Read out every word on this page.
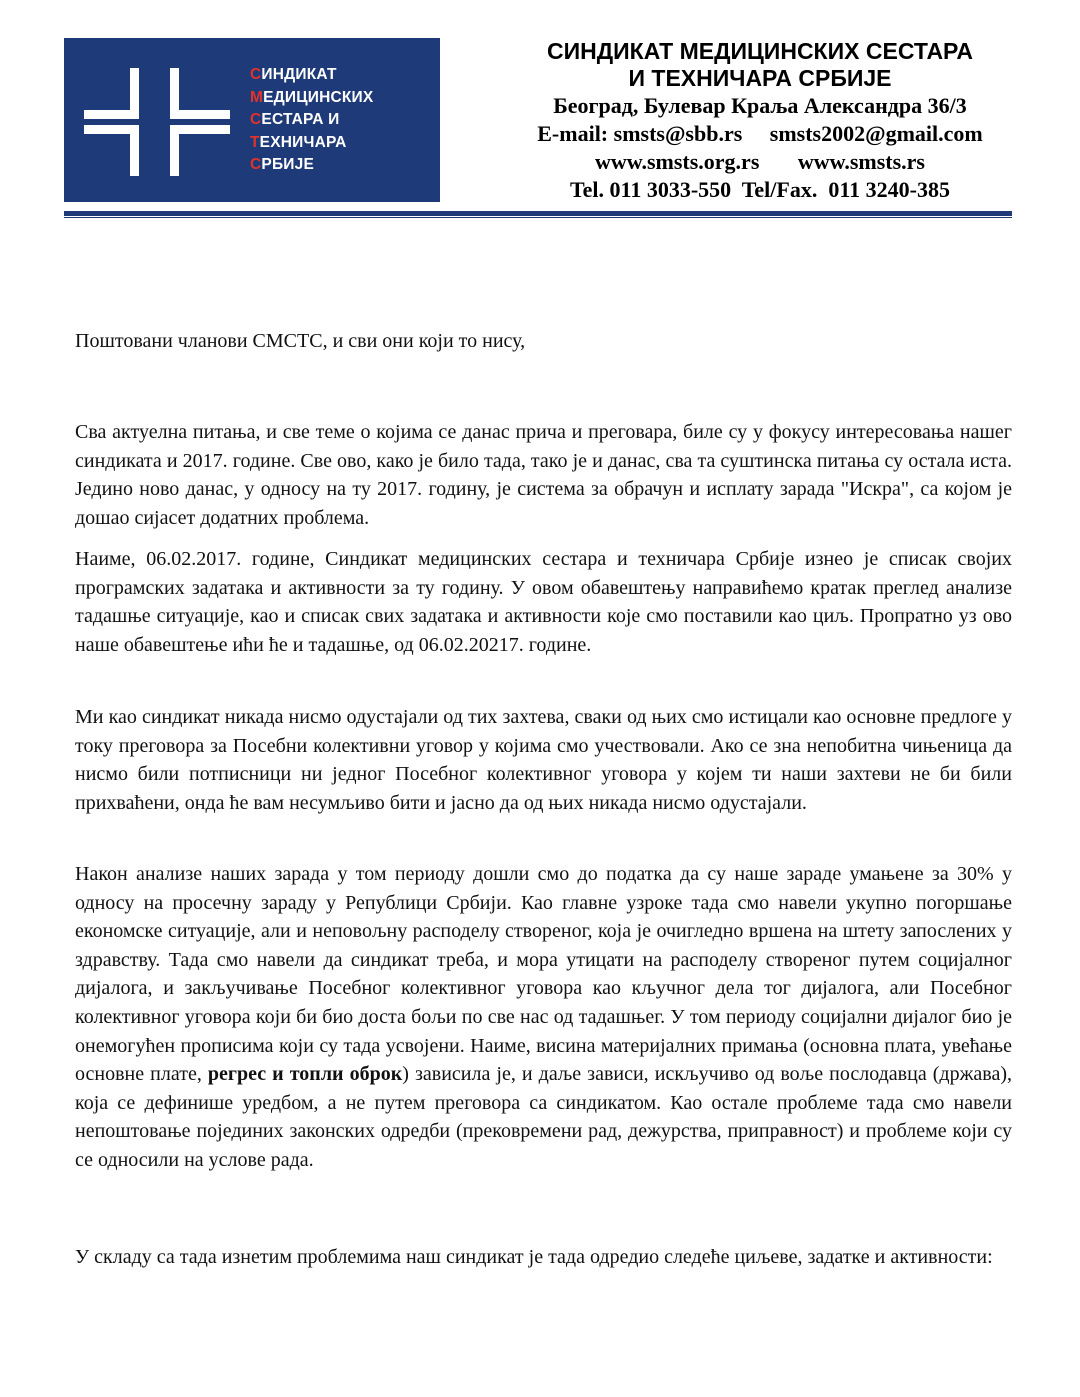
СИНДИКАТ
МЕДИЦИНСКИХ
СЕСТАРА И
ТЕХНИЧАРА
СРБИЈЕ

СИНДИКАТ МЕДИЦИНСКИХ СЕСТАРА

И ТЕХНИЧАРА СРБИЈЕ

Београд, Булевар Краља Александра 36/3

E-mail: smsts@sbb.rs     smsts2002@gmail.com

www.smsts.org.rs       www.smsts.rs

Tel. 011 3033-550  Tel/Fax.  011 3240-385

Поштовани чланови СМСТС, и сви они који то нису,

Сва актуелна питања, и све теме о којима се данас прича и преговара, биле су у фокусу интересовања нашег синдиката и 2017. године. Све ово, како је било тада, тако је и данас, сва та суштинска питања су остала иста. Једино ново данас, у односу на ту 2017. годину, је система за обрачун и исплату зарада "Искра", са којом је дошао сијасет додатних проблема.

Наиме, 06.02.2017. године, Синдикат медицинских сестара и техничара Србије изнео је списак својих програмских задатака и активности за ту годину. У овом обавештењу направићемо кратак преглед анализе тадашње ситуације, као и списак свих задатака и активности које смо поставили као циљ. Пропратно уз ово наше обавештење ићи ће и тадашње, од 06.02.20217. године.

Ми као синдикат никада нисмо одустајали од тих захтева, сваки од њих смо истицали као основне предлоге у току преговора за Посебни колективни уговор у којима смо учествовали. Ако се зна непобитна чињеница да нисмо били потписници ни једног Посебног колективног уговора у којем ти наши захтеви не би били прихваћени, онда ће вам несумљиво бити и јасно да од њих никада нисмо одустајали.

Након анализе наших зарада у том периоду дошли смо до податка да су наше зараде умањене за 30% у односу на просечну зараду у Републици Србији. Као главне узроке тада смо навели укупно погоршање економске ситуације, али и неповољну расподелу створеног, која је очигледно вршена на штету запослених у здравству. Тада смо навели да синдикат треба, и мора утицати на расподелу створеног путем социјалног дијалога, и закључивање Посебног колективног уговора као кључног дела тог дијалога, али Посебног колективног уговора који би био доста бољи по све нас од тадашњег. У том периоду социјални дијалог био је онемогућен прописима који су тада усвојени. Наиме, висина материјалних примања (основна плата, увећање основне плате, регрес и топли оброк) зависила је, и даље зависи, искључиво од воље послодавца (држава), која се дефинише уредбом, а не путем преговора са синдикатом. Као остале проблеме тада смо навели непоштовање појединих законских одредби (прековремени рад, дежурства, приправност) и проблеме који су се односили на услове рада.

У складу са тада изнетим проблемима наш синдикат је тада одредио следеће циљеве, задатке и активности:
